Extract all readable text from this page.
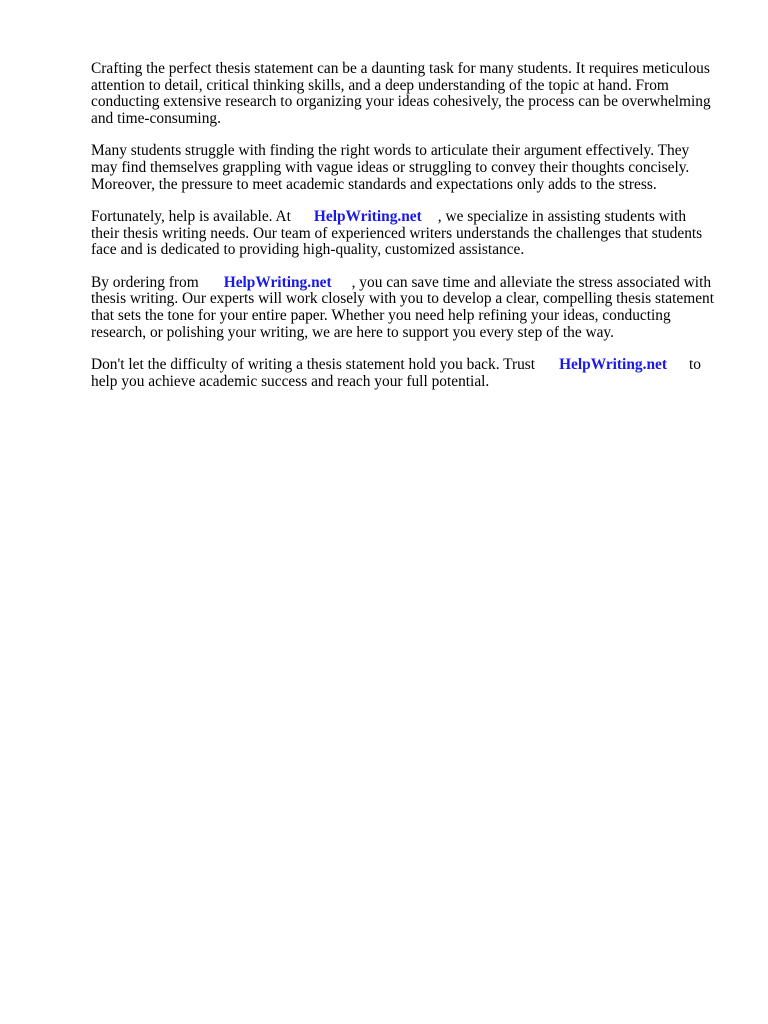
Crafting the perfect thesis statement can be a daunting task for many students. It requires meticulous
attention to detail, critical thinking skills, and a deep understanding of the topic at hand. From
conducting extensive research to organizing your ideas cohesively, the process can be overwhelming
and time-consuming.

Many students struggle with finding the right words to articulate their argument effectively. They
may find themselves grappling with vague ideas or struggling to convey their thoughts concisely.
Moreover, the pressure to meet academic standards and expectations only adds to the stress.

Fortunately, help is available. At HelpWriting.net , we specialize in assisting students with
their thesis writing needs. Our team of experienced writers understands the challenges that students
face and is dedicated to providing high-quality, customized assistance.

By ordering from HelpWriting.net , you can save time and alleviate the stress associated with
thesis writing. Our experts will work closely with you to develop a clear, compelling thesis statement
that sets the tone for your entire paper. Whether you need help refining your ideas, conducting
research, or polishing your writing, we are here to support you every step of the way.

Don't let the difficulty of writing a thesis statement hold you back. Trust HelpWriting.net to
help you achieve academic success and reach your full potential.
